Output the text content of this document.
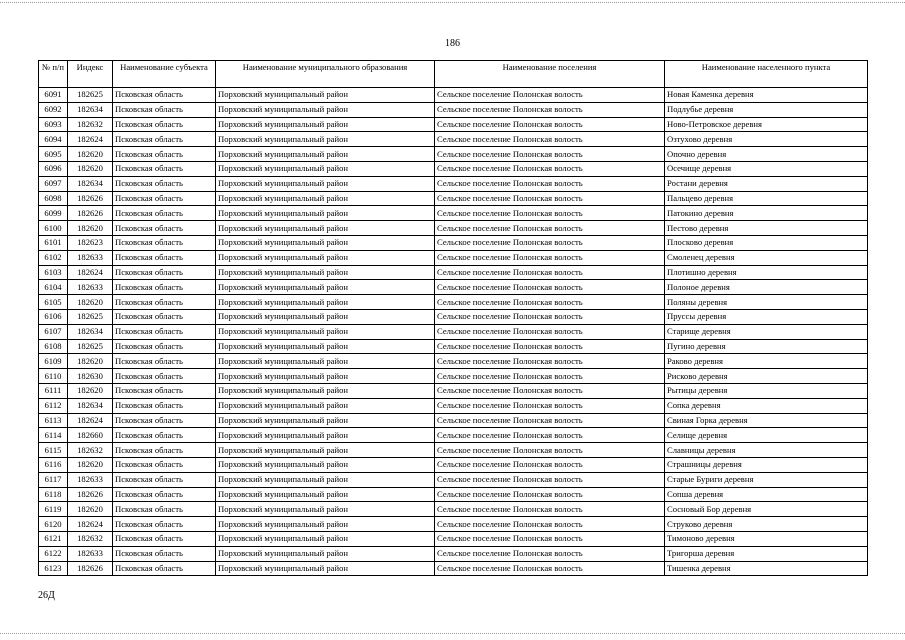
186
№ п/п	Индекс	Наименование субъекта	Наименование муниципального образования	Наименование поселения	Наименование населенного пункта
6091	182625	Псковская область	Порховский муниципальный район	Сельское поселение Полонская волость	Новая Каменка деревня
6092	182634	Псковская область	Порховский муниципальный район	Сельское поселение Полонская волость	Подлубье деревня
6093	182632	Псковская область	Порховский муниципальный район	Сельское поселение Полонская волость	Ново-Петровское деревня
6094	182624	Псковская область	Порховский муниципальный район	Сельское поселение Полонская волость	Озтухово деревня
6095	182620	Псковская область	Порховский муниципальный район	Сельское поселение Полонская волость	Опочно деревня
6096	182620	Псковская область	Порховский муниципальный район	Сельское поселение Полонская волость	Осечище деревня
6097	182634	Псковская область	Порховский муниципальный район	Сельское поселение Полонская волость	Ростани деревня
6098	182626	Псковская область	Порховский муниципальный район	Сельское поселение Полонская волость	Пальцево деревня
6099	182626	Псковская область	Порховский муниципальный район	Сельское поселение Полонская волость	Патокино деревня
6100	182620	Псковская область	Порховский муниципальный район	Сельское поселение Полонская волость	Пестово деревня
6101	182623	Псковская область	Порховский муниципальный район	Сельское поселение Полонская волость	Плосково деревня
6102	182633	Псковская область	Порховский муниципальный район	Сельское поселение Полонская волость	Смоленец деревня
6103	182624	Псковская область	Порховский муниципальный район	Сельское поселение Полонская волость	Плотишно деревня
6104	182633	Псковская область	Порховский муниципальный район	Сельское поселение Полонская волость	Полоное деревня
6105	182620	Псковская область	Порховский муниципальный район	Сельское поселение Полонская волость	Поляны деревня
6106	182625	Псковская область	Порховский муниципальный район	Сельское поселение Полонская волость	Пруссы деревня
6107	182634	Псковская область	Порховский муниципальный район	Сельское поселение Полонская волость	Старище деревня
6108	182625	Псковская область	Порховский муниципальный район	Сельское поселение Полонская волость	Пугино деревня
6109	182620	Псковская область	Порховский муниципальный район	Сельское поселение Полонская волость	Раково деревня
6110	182630	Псковская область	Порховский муниципальный район	Сельское поселение Полонская волость	Рисково деревня
6111	182620	Псковская область	Порховский муниципальный район	Сельское поселение Полонская волость	Рытицы деревня
6112	182634	Псковская область	Порховский муниципальный район	Сельское поселение Полонская волость	Сопка деревня
6113	182624	Псковская область	Порховский муниципальный район	Сельское поселение Полонская волость	Свиная Горка деревня
6114	182660	Псковская область	Порховский муниципальный район	Сельское поселение Полонская волость	Селище деревня
6115	182632	Псковская область	Порховский муниципальный район	Сельское поселение Полонская волость	Славницы деревня
6116	182620	Псковская область	Порховский муниципальный район	Сельское поселение Полонская волость	Страшницы деревня
6117	182633	Псковская область	Порховский муниципальный район	Сельское поселение Полонская волость	Старые Буриги деревня
6118	182626	Псковская область	Порховский муниципальный район	Сельское поселение Полонская волость	Сопша деревня
6119	182620	Псковская область	Порховский муниципальный район	Сельское поселение Полонская волость	Сосновый Бор деревня
6120	182624	Псковская область	Порховский муниципальный район	Сельское поселение Полонская волость	Струково деревня
6121	182632	Псковская область	Порховский муниципальный район	Сельское поселение Полонская волость	Тимоново деревня
6122	182633	Псковская область	Порховский муниципальный район	Сельское поселение Полонская волость	Тригорша деревня
6123	182626	Псковская область	Порховский муниципальный район	Сельское поселение Полонская волость	Тишенка деревня
26Д
